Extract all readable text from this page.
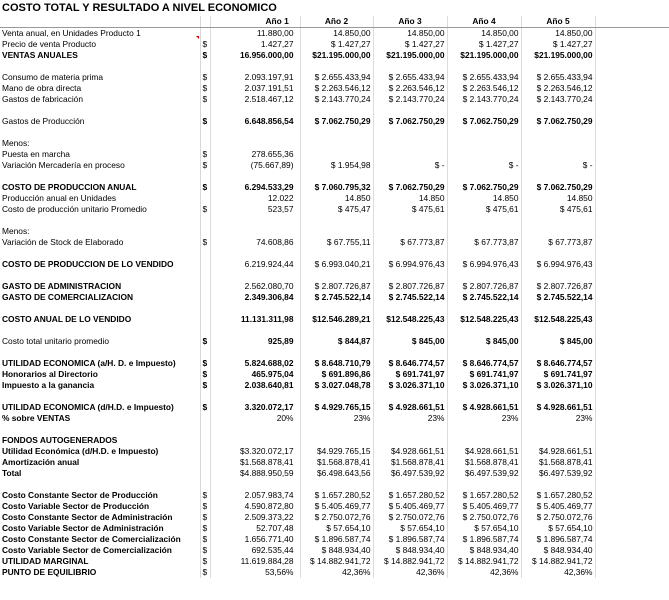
COSTO TOTAL Y RESULTADO A NIVEL ECONOMICO							
		Año 1	Año 2	Año 3	Año 4	Año 5	
Venta anual, en Unidades Producto 1		11.880,00	14.850,00	14.850,00	14.850,00	14.850,00	
Precio de venta Producto	$	1.427,27	$ 1.427,27	$ 1.427,27	$ 1.427,27	$ 1.427,27	
VENTAS ANUALES	$	16.956.000,00	$21.195.000,00	$21.195.000,00	$21.195.000,00	$21.195.000,00	

Consumo de materia prima	$	2.093.197,91	$ 2.655.433,94	$ 2.655.433,94	$ 2.655.433,94	$ 2.655.433,94	
Mano de obra directa	$	2.037.191,51	$ 2.263.546,12	$ 2.263.546,12	$ 2.263.546,12	$ 2.263.546,12	
Gastos de fabricación	$	2.518.467,12	$ 2.143.770,24	$ 2.143.770,24	$ 2.143.770,24	$ 2.143.770,24	

Gastos de Producción	$	6.648.856,54	$ 7.062.750,29	$ 7.062.750,29	$ 7.062.750,29	$ 7.062.750,29	

Menos:							
Puesta en marcha	$	278.655,36					
Variación Mercadería en proceso	$	(75.667,89)	$ 1.954,98	$ -	$ -	$ -	

COSTO DE PRODUCCION ANUAL	$	6.294.533,29	$ 7.060.795,32	$ 7.062.750,29	$ 7.062.750,29	$ 7.062.750,29	
Producción anual en Unidades		12.022	14.850	14.850	14.850	14.850	
Costo de producción unitario Promedio	$	523,57	$ 475,47	$ 475,61	$ 475,61	$ 475,61	

Menos:							
Variación de Stock de Elaborado	$	74.608,86	$ 67.755,11	$ 67.773,87	$ 67.773,87	$ 67.773,87	

COSTO DE PRODUCCION DE LO VENDIDO		6.219.924,44	$ 6.993.040,21	$ 6.994.976,43	$ 6.994.976,43	$ 6.994.976,43	

GASTO DE ADMINISTRACION		2.562.080,70	$ 2.807.726,87	$ 2.807.726,87	$ 2.807.726,87	$ 2.807.726,87	
GASTO DE COMERCIALIZACION		2.349.306,84	$ 2.745.522,14	$ 2.745.522,14	$ 2.745.522,14	$ 2.745.522,14	

COSTO ANUAL DE LO VENDIDO		11.131.311,98	$12.546.289,21	$12.548.225,43	$12.548.225,43	$12.548.225,43	

Costo total unitario promedio	$	925,89	$ 844,87	$ 845,00	$ 845,00	$ 845,00	

UTILIDAD ECONOMICA (a/H. D. e Impuesto)	$	5.824.688,02	$ 8.648.710,79	$ 8.646.774,57	$ 8.646.774,57	$ 8.646.774,57	
Honorarios al Directorio	$	465.975,04	$ 691.896,86	$ 691.741,97	$ 691.741,97	$ 691.741,97	
Impuesto a la ganancia	$	2.038.640,81	$ 3.027.048,78	$ 3.026.371,10	$ 3.026.371,10	$ 3.026.371,10	

UTILIDAD ECONOMICA (d/H.D. e Impuesto)	$	3.320.072,17	$ 4.929.765,15	$ 4.928.661,51	$ 4.928.661,51	$ 4.928.661,51	
% sobre VENTAS		20%	23%	23%	23%	23%	

FONDOS AUTOGENERADOS							
Utilidad Económica (d/H.D. e Impuesto)		$3.320.072,17	$4.929.765,15	$4.928.661,51	$4.928.661,51	$4.928.661,51	
Amortización anual		$1.568.878,41	$1.568.878,41	$1.568.878,41	$1.568.878,41	$1.568.878,41	
Total		$4.888.950,59	$6.498.643,56	$6.497.539,92	$6.497.539,92	$6.497.539,92	

Costo Constante Sector de Producción	$	2.057.983,74	$ 1.657.280,52	$ 1.657.280,52	$ 1.657.280,52	$ 1.657.280,52	
Costo Variable Sector de Producción	$	4.590.872,80	$ 5.405.469,77	$ 5.405.469,77	$ 5.405.469,77	$ 5.405.469,77	
Costo Constante Sector de Administración	$	2.509.373,22	$ 2.750.072,76	$ 2.750.072,76	$ 2.750.072,76	$ 2.750.072,76	
Costo Variable Sector de Administración	$	52.707,48	$ 57.654,10	$ 57.654,10	$ 57.654,10	$ 57.654,10	
Costo Constante Sector de Comercialización	$	1.656.771,40	$ 1.896.587,74	$ 1.896.587,74	$ 1.896.587,74	$ 1.896.587,74	
Costo Variable Sector de Comercialización	$	692.535,44	$ 848.934,40	$ 848.934,40	$ 848.934,40	$ 848.934,40	
UTILIDAD MARGINAL	$	11.619.884,28	$ 14.882.941,72	$ 14.882.941,72	$ 14.882.941,72	$ 14.882.941,72	
PUNTO DE EQUILIBRIO	$	53,56%	42,36%	42,36%	42,36%	42,36%	
